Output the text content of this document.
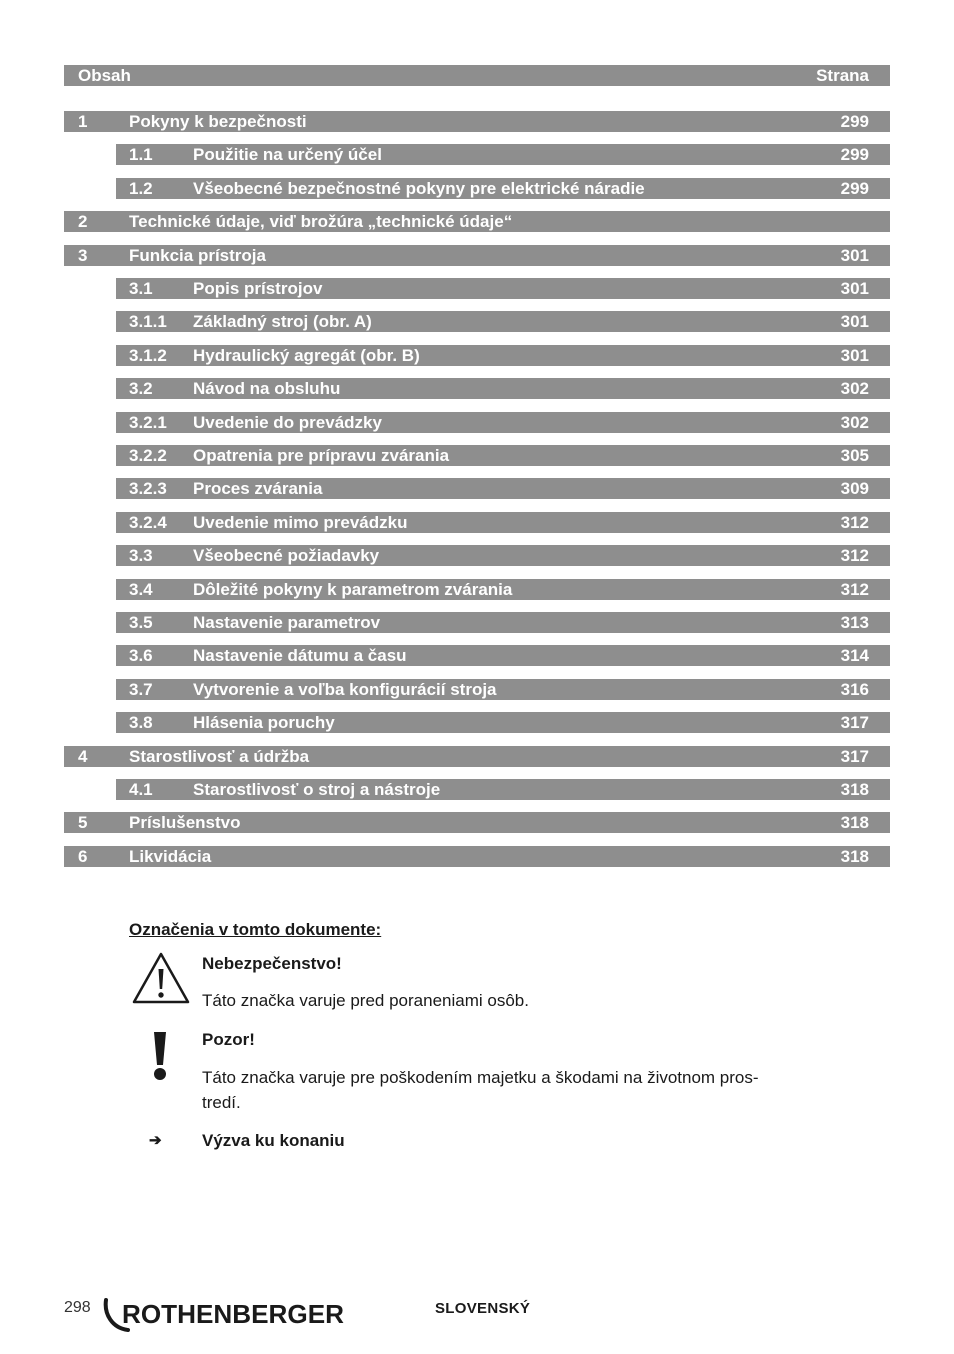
Obsah	Strana
1 Pokyny k bezpečnosti	299
1.1 Použitie na určený účel	299
1.2 Všeobecné bezpečnostné pokyny pre elektrické náradie	299
2 Technické údaje, viď brožúra „technické údaje“
3 Funkcia prístroja	301
3.1 Popis prístrojov	301
3.1.1 Základný stroj (obr. A)	301
3.1.2 Hydraulický agregát (obr. B)	301
3.2 Návod na obsluhu	302
3.2.1 Uvedenie do prevádzky	302
3.2.2 Opatrenia pre prípravu zvárania	305
3.2.3 Proces zvárania	309
3.2.4 Uvedenie mimo prevádzku	312
3.3 Všeobecné požiadavky	312
3.4 Dôležité pokyny k parametrom zvárania	312
3.5 Nastavenie parametrov	313
3.6 Nastavenie dátumu a času	314
3.7 Vytvorenie a voľba konfigurácií stroja	316
3.8 Hlásenia poruchy	317
4 Starostlivosť a údržba	317
4.1 Starostlivosť o stroj a nástroje	318
5 Príslušenstvo	318
6 Likvidácia	318
Označenia v tomto dokumente:
Nebezpečenstvo!
Táto značka varuje pred poraneniami osôb.
Pozor!
Táto značka varuje pre poškodením majetku a škodami na životnom pros-
tredí.
➔ Výzva ku konaniu
298 ROTHENBERGER	SLOVENSKÝ
